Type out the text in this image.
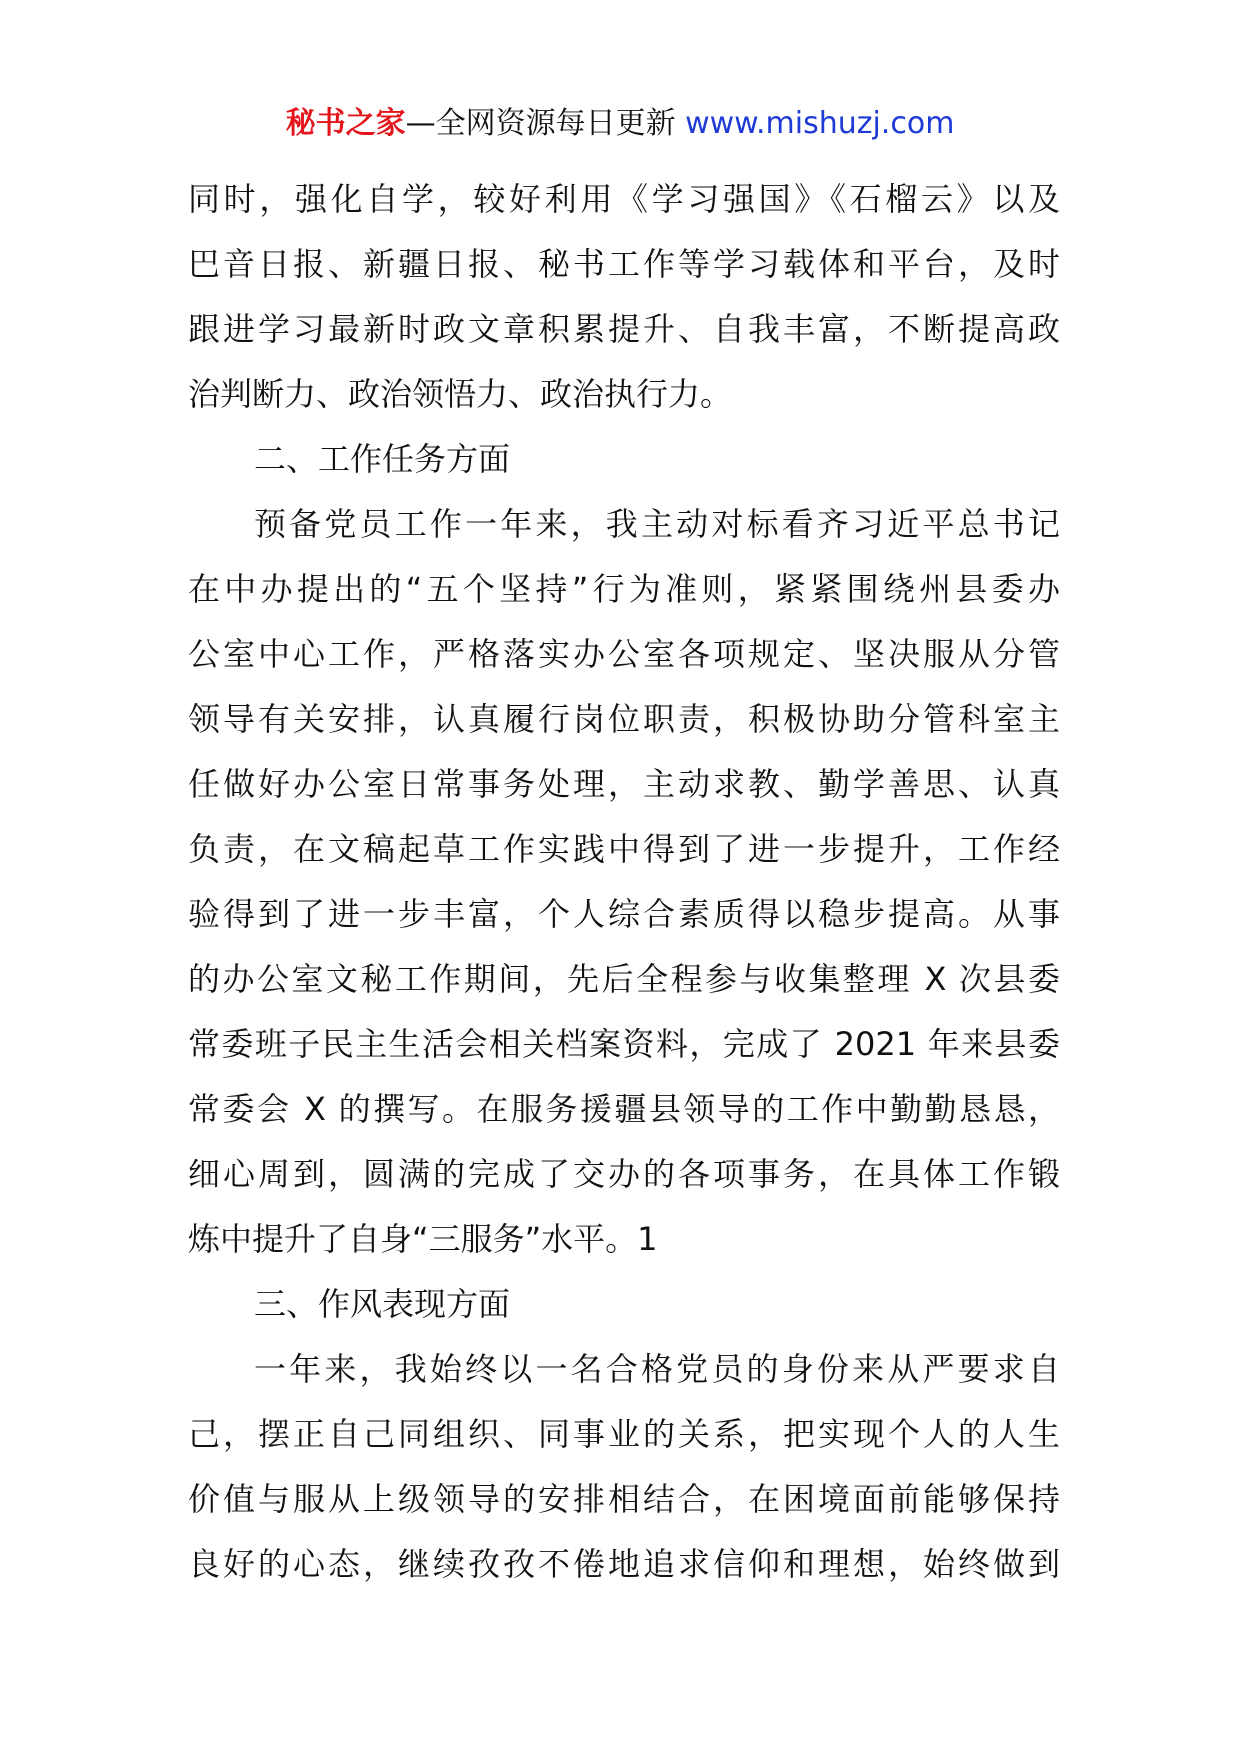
秘书之家—全网资源每日更新 www.mishuzj.com
同时，强化自学，较好利用《学习强国》《石榴云》以及
巴音日报、新疆日报、秘书工作等学习载体和平台，及时
跟进学习最新时政文章积累提升、自我丰富，不断提高政
治判断力、政治领悟力、政治执行力。
二、工作任务方面
预备党员工作一年来，我主动对标看齐习近平总书记
在中办提出的“五个坚持”行为准则，紧紧围绕州县委办
公室中心工作，严格落实办公室各项规定、坚决服从分管
领导有关安排，认真履行岗位职责，积极协助分管科室主
任做好办公室日常事务处理，主动求教、勤学善思、认真
负责，在文稿起草工作实践中得到了进一步提升，工作经
验得到了进一步丰富，个人综合素质得以稳步提高。从事
的办公室文秘工作期间，先后全程参与收集整理 X 次县委
常委班子民主生活会相关档案资料，完成了 2021 年来县委
常委会 X 的撰写。在服务援疆县领导的工作中勤勤恳恳，
细心周到，圆满的完成了交办的各项事务，在具体工作锻
炼中提升了自身“三服务”水平。1
三、作风表现方面
一年来，我始终以一名合格党员的身份来从严要求自
己，摆正自己同组织、同事业的关系，把实现个人的人生
价值与服从上级领导的安排相结合，在困境面前能够保持
良好的心态，继续孜孜不倦地追求信仰和理想，始终做到
